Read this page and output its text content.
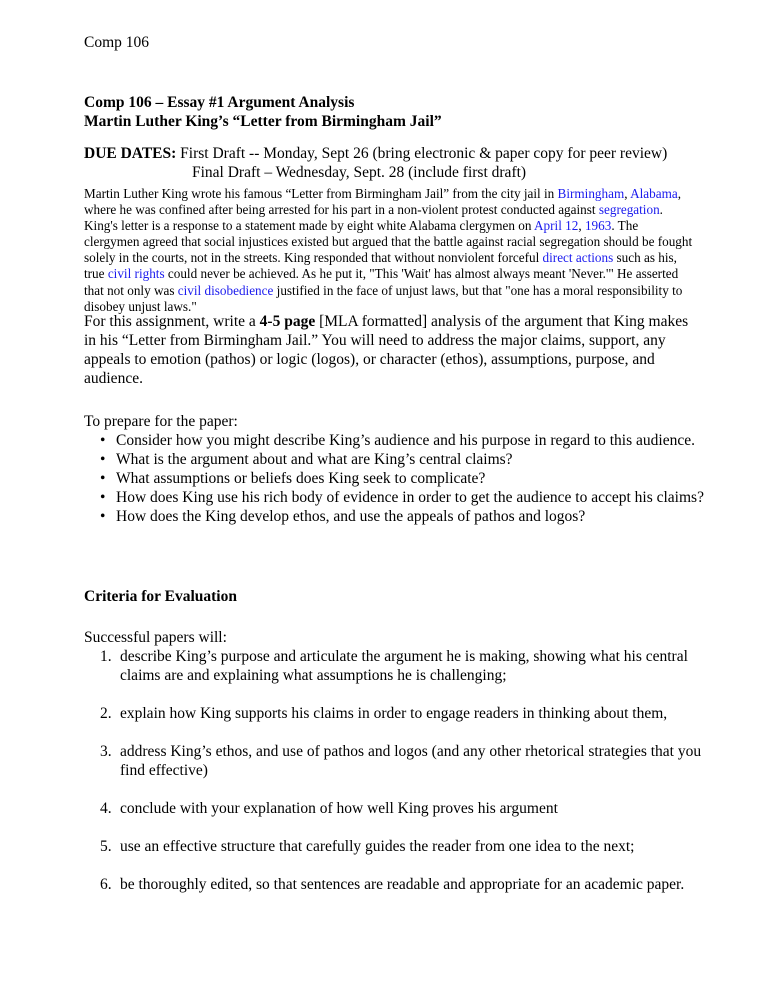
Comp 106

Comp 106 – Essay #1 Argument Analysis
Martin Luther King’s “Letter from Birmingham Jail”
DUE DATES: First Draft -- Monday, Sept 26 (bring electronic & paper copy for peer review)
Final Draft – Wednesday, Sept. 28 (include first draft)

Martin Luther King wrote his famous “Letter from Birmingham Jail” from the city jail in Birmingham, Alabama, where he was confined after being arrested for his part in a non-violent protest conducted against segregation. King's letter is a response to a statement made by eight white Alabama clergymen on April 12, 1963. The clergymen agreed that social injustices existed but argued that the battle against racial segregation should be fought solely in the courts, not in the streets. King responded that without nonviolent forceful direct actions such as his, true civil rights could never be achieved. As he put it, "This 'Wait' has almost always meant 'Never.'" He asserted that not only was civil disobedience justified in the face of unjust laws, but that "one has a moral responsibility to disobey unjust laws."

For this assignment, write a 4-5 page [MLA formatted] analysis of the argument that King makes in his “Letter from Birmingham Jail.” You will need to address the major claims, support, any appeals to emotion (pathos) or logic (logos), or character (ethos), assumptions, purpose, and audience.

To prepare for the paper:
• Consider how you might describe King’s audience and his purpose in regard to this audience.
• What is the argument about and what are King’s central claims?
• What assumptions or beliefs does King seek to complicate?
• How does King use his rich body of evidence in order to get the audience to accept his claims?
• How does the King develop ethos, and use the appeals of pathos and logos?

Criteria for Evaluation

Successful papers will:
1. describe King’s purpose and articulate the argument he is making, showing what his central claims are and explaining what assumptions he is challenging;
2. explain how King supports his claims in order to engage readers in thinking about them,
3. address King’s ethos, and use of pathos and logos (and any other rhetorical strategies that you find effective)
4. conclude with your explanation of how well King proves his argument
5. use an effective structure that carefully guides the reader from one idea to the next;
6. be thoroughly edited, so that sentences are readable and appropriate for an academic paper.
